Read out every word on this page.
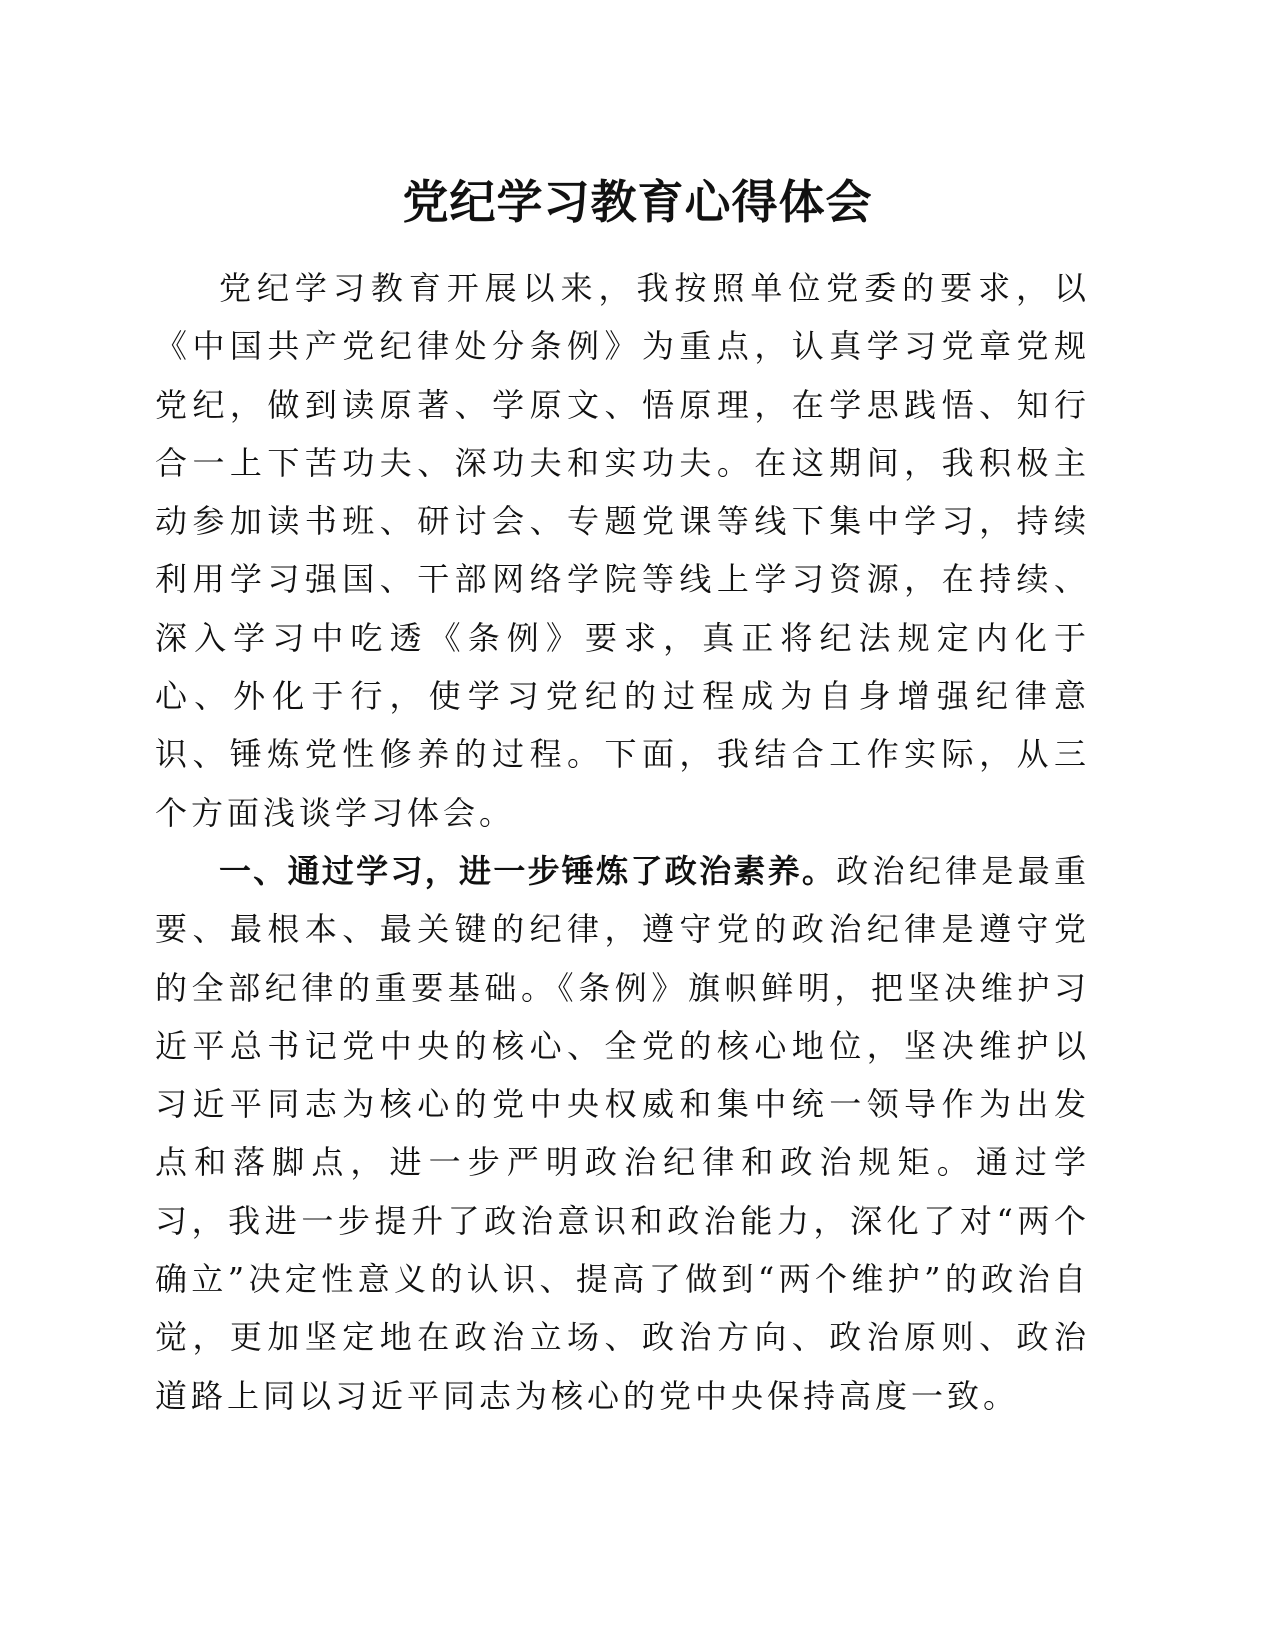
党纪学习教育心得体会

党纪学习教育开展以来，我按照单位党委的要求，以《中国共产党纪律处分条例》为重点，认真学习党章党规党纪，做到读原著、学原文、悟原理，在学思践悟、知行合一上下苦功夫、深功夫和实功夫。在这期间，我积极主动参加读书班、研讨会、专题党课等线下集中学习，持续利用学习强国、干部网络学院等线上学习资源，在持续、深入学习中吃透《条例》要求，真正将纪法规定内化于心、外化于行，使学习党纪的过程成为自身增强纪律意识、锤炼党性修养的过程。下面，我结合工作实际，从三个方面浅谈学习体会。

一、通过学习，进一步锤炼了政治素养。政治纪律是最重要、最根本、最关键的纪律，遵守党的政治纪律是遵守党的全部纪律的重要基础。《条例》旗帜鲜明，把坚决维护习近平总书记党中央的核心、全党的核心地位，坚决维护以习近平同志为核心的党中央权威和集中统一领导作为出发点和落脚点，进一步严明政治纪律和政治规矩。通过学习，我进一步提升了政治意识和政治能力，深化了对“两个确立”决定性意义的认识、提高了做到“两个维护”的政治自觉，更加坚定地在政治立场、政治方向、政治原则、政治道路上同以习近平同志为核心的党中央保持高度一致。
